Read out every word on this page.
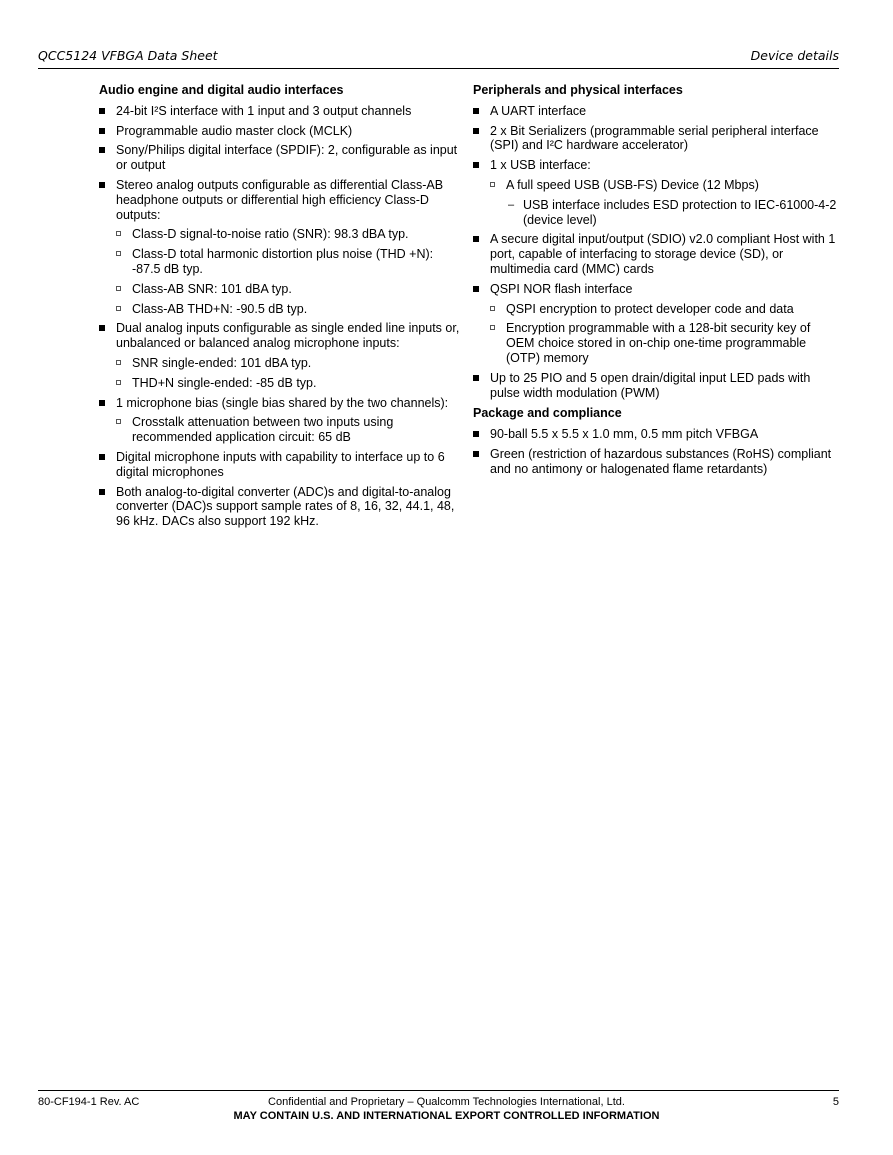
QCC5124 VFBGA Data Sheet	Device details
Audio engine and digital audio interfaces
24-bit I²S interface with 1 input and 3 output channels
Programmable audio master clock (MCLK)
Sony/Philips digital interface (SPDIF): 2, configurable as input or output
Stereo analog outputs configurable as differential Class-AB headphone outputs or differential high efficiency Class-D outputs:
Class-D signal-to-noise ratio (SNR): 98.3 dBA typ.
Class-D total harmonic distortion plus noise (THD +N): -87.5 dB typ.
Class-AB SNR: 101 dBA typ.
Class-AB THD+N: -90.5 dB typ.
Dual analog inputs configurable as single ended line inputs or, unbalanced or balanced analog microphone inputs:
SNR single-ended: 101 dBA typ.
THD+N single-ended: -85 dB typ.
1 microphone bias (single bias shared by the two channels):
Crosstalk attenuation between two inputs using recommended application circuit: 65 dB
Digital microphone inputs with capability to interface up to 6 digital microphones
Both analog-to-digital converter (ADC)s and digital-to-analog converter (DAC)s support sample rates of 8, 16, 32, 44.1, 48, 96 kHz. DACs also support 192 kHz.
Peripherals and physical interfaces
A UART interface
2 x Bit Serializers (programmable serial peripheral interface (SPI) and I²C hardware accelerator)
1 x USB interface:
A full speed USB (USB-FS) Device (12 Mbps)
– USB interface includes ESD protection to IEC-61000-4-2 (device level)
A secure digital input/output (SDIO) v2.0 compliant Host with 1 port, capable of interfacing to storage device (SD), or multimedia card (MMC) cards
QSPI NOR flash interface
QSPI encryption to protect developer code and data
Encryption programmable with a 128-bit security key of OEM choice stored in on-chip one-time programmable (OTP) memory
Up to 25 PIO and 5 open drain/digital input LED pads with pulse width modulation (PWM)
Package and compliance
90-ball 5.5 x 5.5 x 1.0 mm, 0.5 mm pitch VFBGA
Green (restriction of hazardous substances (RoHS) compliant and no antimony or halogenated flame retardants)
80-CF194-1 Rev. AC	Confidential and Proprietary – Qualcomm Technologies International, Ltd.	5
MAY CONTAIN U.S. AND INTERNATIONAL EXPORT CONTROLLED INFORMATION
